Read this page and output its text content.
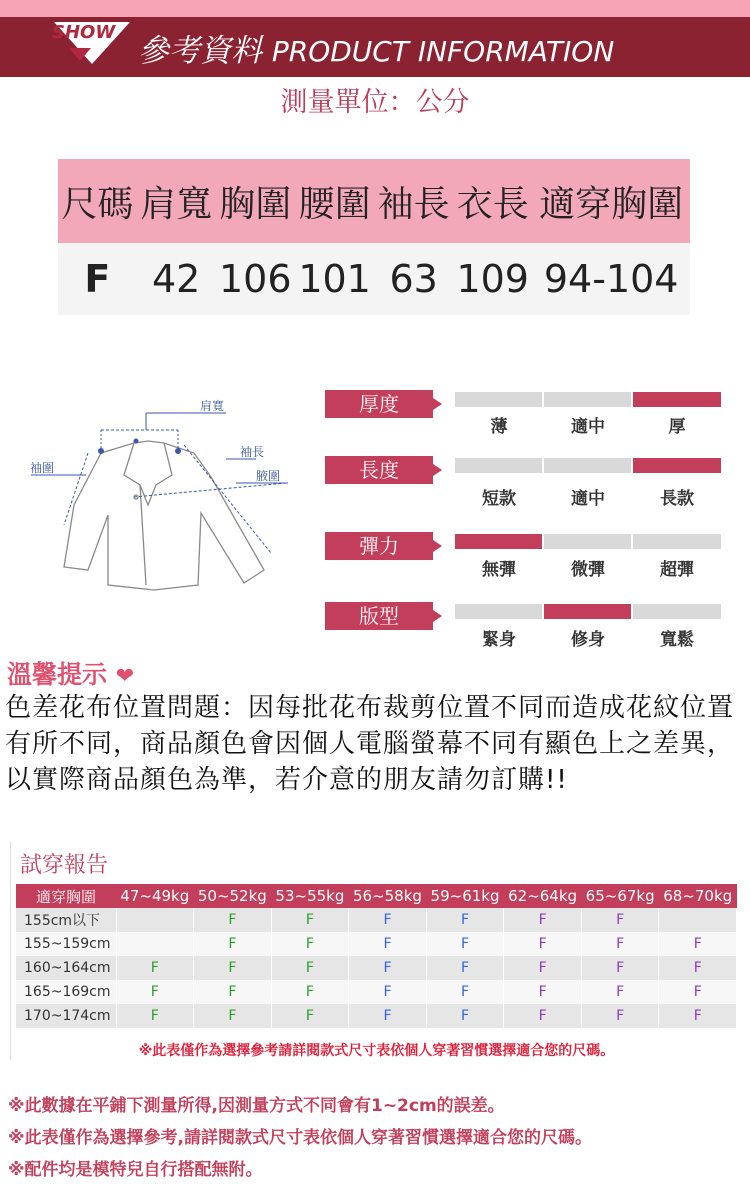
SHOW
參考資料 PRODUCT INFORMATION
測量單位：公分
尺碼	肩寬	胸圍	腰圍	袖長	衣長	適穿胸圍
F	42	106	101	63	109	94-104
肩寬
袖長
腋圍
袖圍
厚度
薄	適中	厚
長度
短款	適中	長款
彈力
無彈	微彈	超彈
版型
緊身	修身	寬鬆
溫馨提示 ❤
色差花布位置問題：因每批花布裁剪位置不同而造成花紋位置有所不同，商品顏色會因個人電腦螢幕不同有顯色上之差異，以實際商品顏色為準，若介意的朋友請勿訂購!!
試穿報告
適穿胸圍	47~49kg	50~52kg	53~55kg	56~58kg	59~61kg	62~64kg	65~67kg	68~70kg
155cm以下		F	F	F	F	F	F	
155~159cm		F	F	F	F	F	F	F
160~164cm	F	F	F	F	F	F	F	F
165~169cm	F	F	F	F	F	F	F	F
170~174cm	F	F	F	F	F	F	F	F
※此表僅作為選擇參考請詳閱款式尺寸表依個人穿著習慣選擇適合您的尺碼。
※此數據在平鋪下測量所得,因測量方式不同會有1~2cm的誤差。
※此表僅作為選擇參考,請詳閱款式尺寸表依個人穿著習慣選擇適合您的尺碼。
※配件均是模特兒自行搭配無附。
